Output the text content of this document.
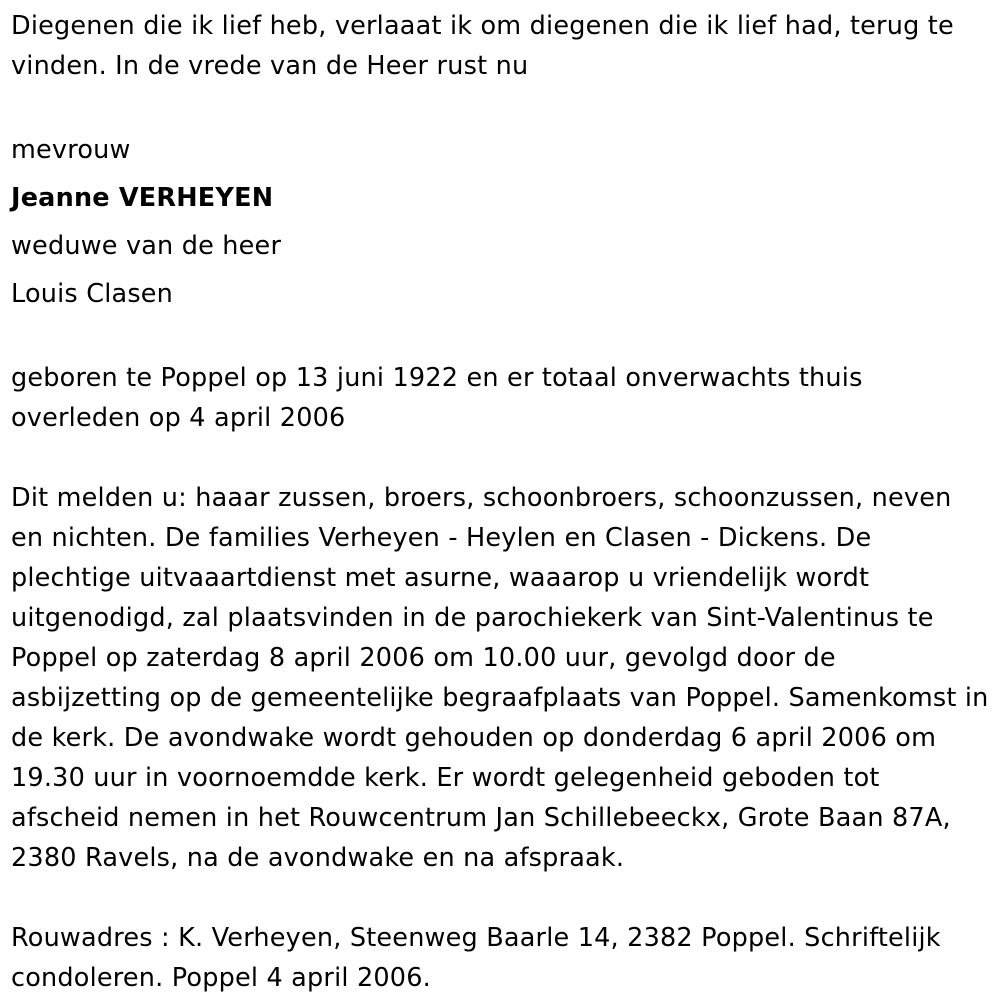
Diegenen die ik lief heb, verlaaat ik om diegenen die ik lief had, terug te vinden. In de vrede van de Heer rust nu

mevrouw

Jeanne VERHEYEN

weduwe van de heer

Louis Clasen

geboren te Poppel op 13 juni 1922 en er totaal onverwachts thuis overleden op 4 april 2006

Dit melden u: haaar zussen, broers, schoonbroers, schoonzussen, neven en nichten. De families Verheyen - Heylen en Clasen - Dickens. De plechtige uitvaaartdienst met asurne, waaarop u vriendelijk wordt uitgenodigd, zal plaatsvinden in de parochiekerk van Sint-Valentinus te Poppel op zaterdag 8 april 2006 om 10.00 uur, gevolgd door de asbijzetting op de gemeentelijke begraafplaats van Poppel. Samenkomst in de kerk. De avondwake wordt gehouden op donderdag 6 april 2006 om 19.30 uur in voornoemdde kerk. Er wordt gelegenheid geboden tot afscheid nemen in het Rouwcentrum Jan Schillebeeckx, Grote Baan 87A, 2380 Ravels, na de avondwake en na afspraak.

Rouwadres : K. Verheyen, Steenweg Baarle 14, 2382 Poppel. Schriftelijk condoleren. Poppel 4 april 2006.
